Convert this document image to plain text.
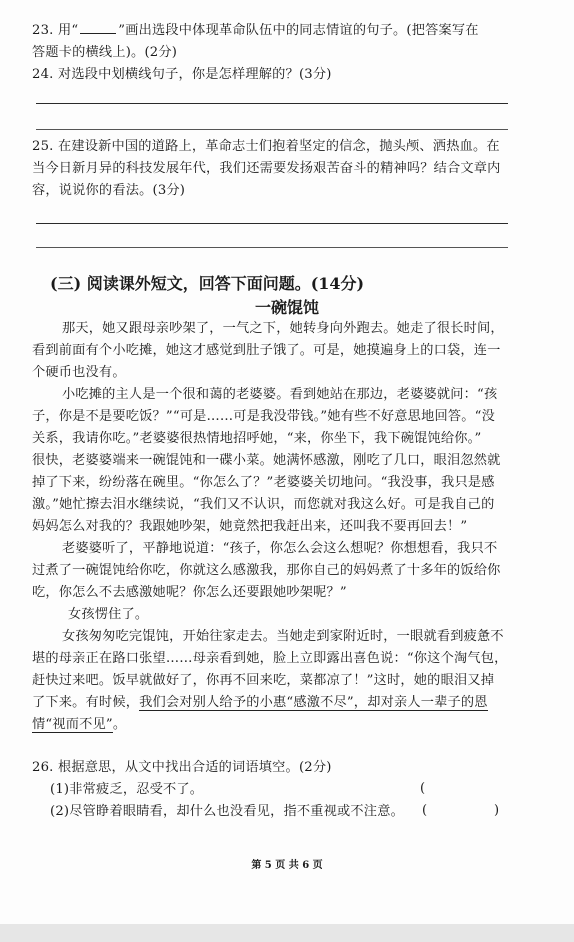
23. 用“	”画出选段中体现革命队伍中的同志情谊的句子。(把答案写在
答题卡的横线上)。(2分)
24. 对选段中划横线句子，你是怎样理解的？(3分)
25. 在建设新中国的道路上，革命志士们抱着坚定的信念，抛头颅、洒热血。在
当今日新月异的科技发展年代，我们还需要发扬艰苦奋斗的精神吗？结合文章内
容，说说你的看法。(3分)
(三) 阅读课外短文，回答下面问题。(14分)
一碗馄饨
那天，她又跟母亲吵架了，一气之下，她转身向外跑去。她走了很长时间，
看到前面有个小吃摊，她这才感觉到肚子饿了。可是，她摸遍身上的口袋，连一
个硬币也没有。
小吃摊的主人是一个很和蔼的老婆婆。看到她站在那边，老婆婆就问：“孩
子，你是不是要吃饭？”“可是……可是我没带钱。”她有些不好意思地回答。“没
关系，我请你吃。”老婆婆很热情地招呼她，“来，你坐下，我下碗馄饨给你。”
很快，老婆婆端来一碗馄饨和一碟小菜。她满怀感激，刚吃了几口，眼泪忽然就
掉了下来，纷纷落在碗里。“你怎么了？”老婆婆关切地问。“我没事，我只是感
激。”她忙擦去泪水继续说，“我们又不认识，而您就对我这么好。可是我自己的
妈妈怎么对我的？我跟她吵架，她竟然把我赶出来，还叫我不要再回去！”
老婆婆听了，平静地说道：“孩子，你怎么会这么想呢？你想想看，我只不
过煮了一碗馄饨给你吃，你就这么感激我，那你自己的妈妈煮了十多年的饭给你
吃，你怎么不去感激她呢？你怎么还要跟她吵架呢？”
女孩愣住了。
女孩匆匆吃完馄饨，开始往家走去。当她走到家附近时，一眼就看到疲惫不
堪的母亲正在路口张望……母亲看到她，脸上立即露出喜色说：“你这个淘气包，
赶快过来吧。饭早就做好了，你再不回来吃，菜都凉了！”这时，她的眼泪又掉
了下来。有时候，我们会对别人给予的小惠“感激不尽”，却对亲人一辈子的恩
情“视而不见”。
26. 根据意思，从文中找出合适的词语填空。(2分)
(1)非常疲乏，忍受不了。	(
(2)尽管睁着眼睛看，却什么也没看见，指不重视或不注意。	(	)
第 5 页 共 6 页
